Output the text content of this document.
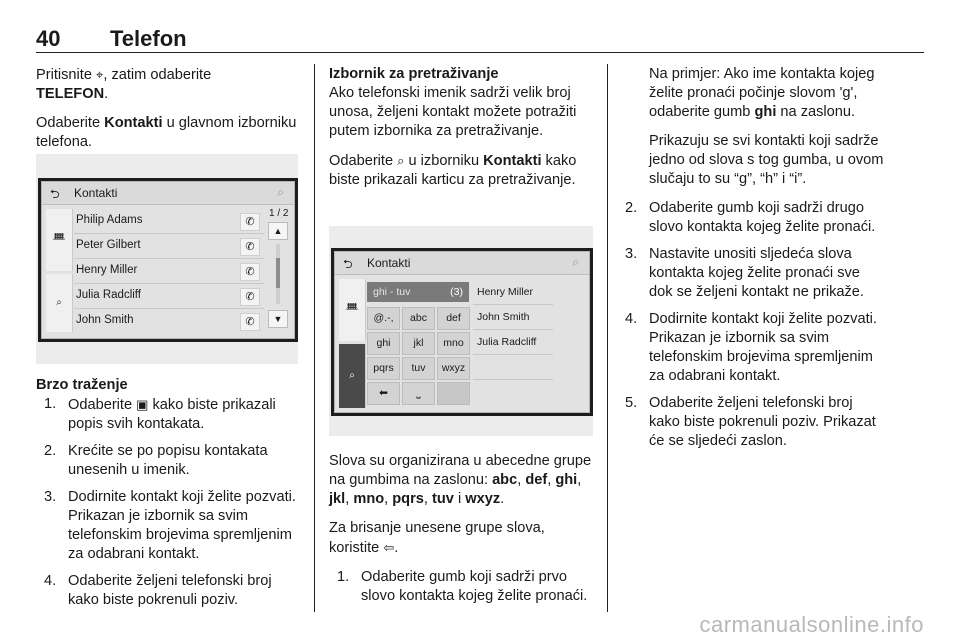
40 Telefon

Pritisnite ⌖, zatim odaberite
TELEFON.

Odaberite Kontakti u glavnom izborniku telefona.

⮌ Kontakti	⌕
ᚙ
⌕
Philip Adams	✆
Peter Gilbert	✆
Henry Miller	✆
Julia Radcliff	✆
John Smith	✆
1 / 2
▲
▼

Brzo traženje

1. Odaberite ▣ kako biste prikazali popis svih kontakata.
2. Krećite se po popisu kontakata unesenih u imenik.
3. Dodirnite kontakt koji želite pozvati. Prikazan je izbornik sa svim telefonskim brojevima spremljenim za odabrani kontakt.
4. Odaberite željeni telefonski broj kako biste pokrenuli poziv.

Izbornik za pretraživanje

Ako telefonski imenik sadrži velik broj unosa, željeni kontakt možete potražiti putem izbornika za pretraživanje.

Odaberite ⌕ u izborniku Kontakti kako biste prikazali karticu za pretraživanje.

⮌ Kontakti	⌕
ᚙ
⌕
ghi - tuv	(3)
@.-,	abc	def
ghi	jkl	mno
pqrs	tuv	wxyz
⬅	⎵
Henry Miller
John Smith
Julia Radcliff

Slova su organizirana u abecedne grupe na gumbima na zaslonu: abc, def, ghi, jkl, mno, pqrs, tuv i wxyz.

Za brisanje unesene grupe slova, koristite ⇦.

1. Odaberite gumb koji sadrži prvo slovo kontakta kojeg želite pronaći.

Na primjer: Ako ime kontakta kojeg želite pronaći počinje slovom 'g', odaberite gumb ghi na zaslonu.

Prikazuju se svi kontakti koji sadrže jedno od slova s tog gumba, u ovom slučaju to su “g”, “h” i “i”.

2. Odaberite gumb koji sadrži drugo slovo kontakta kojeg želite pronaći.
3. Nastavite unositi sljedeća slova kontakta kojeg želite pronaći sve dok se željeni kontakt ne prikaže.
4. Dodirnite kontakt koji želite pozvati. Prikazan je izbornik sa svim telefonskim brojevima spremljenim za odabrani kontakt.
5. Odaberite željeni telefonski broj kako biste pokrenuli poziv. Prikazat će se sljedeći zaslon.
carmanualsonline.info
